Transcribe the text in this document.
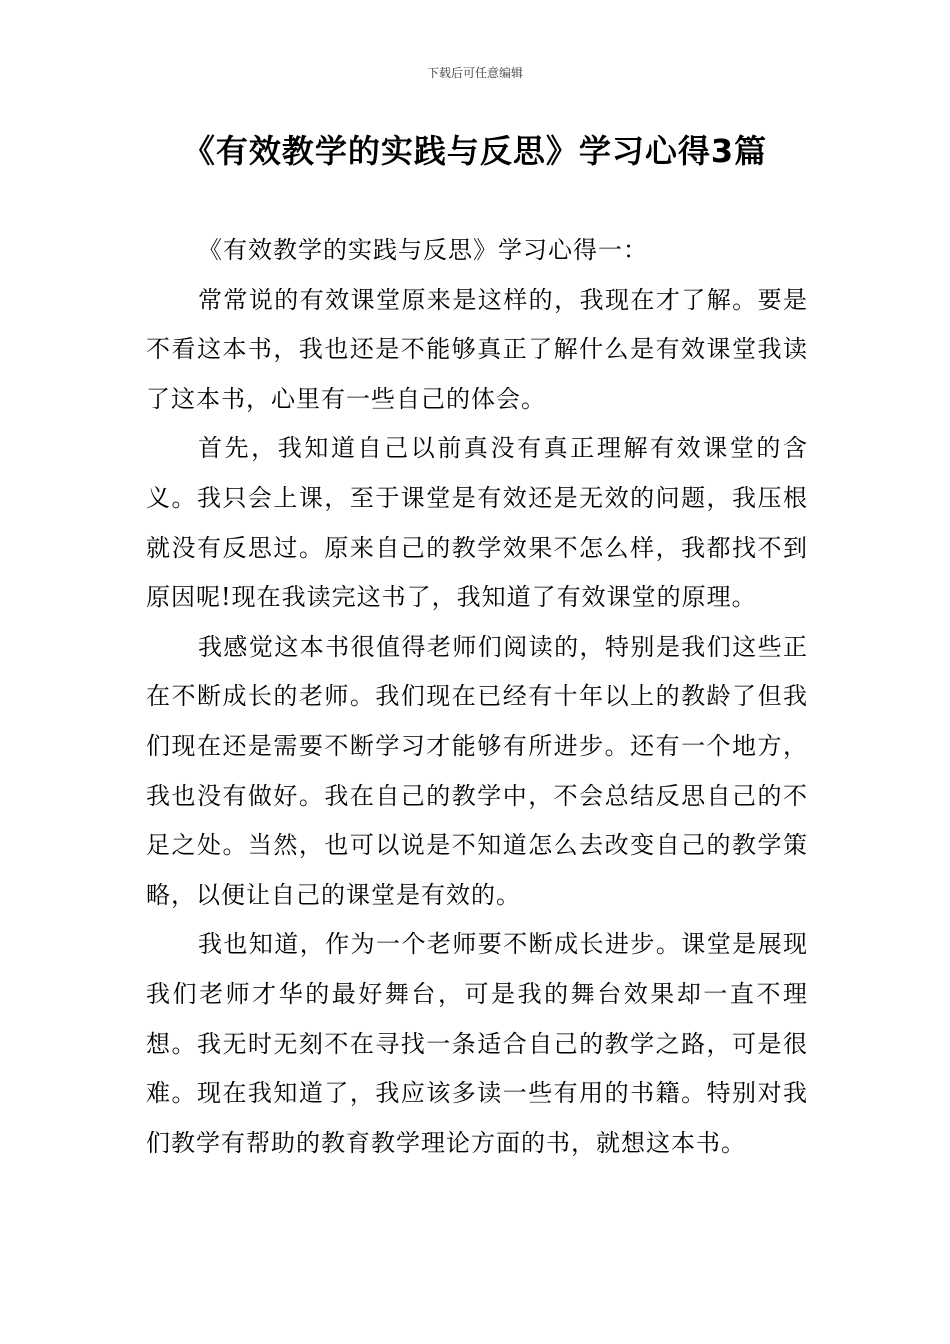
下载后可任意编辑
《有效教学的实践与反思》学习心得3篇

《有效教学的实践与反思》学习心得一：

常常说的有效课堂原来是这样的，我现在才了解。要是不看这本书，我也还是不能够真正了解什么是有效课堂我读了这本书，心里有一些自己的体会。

首先，我知道自己以前真没有真正理解有效课堂的含义。我只会上课，至于课堂是有效还是无效的问题，我压根就没有反思过。原来自己的教学效果不怎么样，我都找不到原因呢!现在我读完这书了，我知道了有效课堂的原理。

我感觉这本书很值得老师们阅读的，特别是我们这些正在不断成长的老师。我们现在已经有十年以上的教龄了但我们现在还是需要不断学习才能够有所进步。还有一个地方，我也没有做好。我在自己的教学中，不会总结反思自己的不足之处。当然，也可以说是不知道怎么去改变自己的教学策略，以便让自己的课堂是有效的。

我也知道，作为一个老师要不断成长进步。课堂是展现我们老师才华的最好舞台，可是我的舞台效果却一直不理想。我无时无刻不在寻找一条适合自己的教学之路，可是很难。现在我知道了，我应该多读一些有用的书籍。特别对我们教学有帮助的教育教学理论方面的书，就想这本书。
